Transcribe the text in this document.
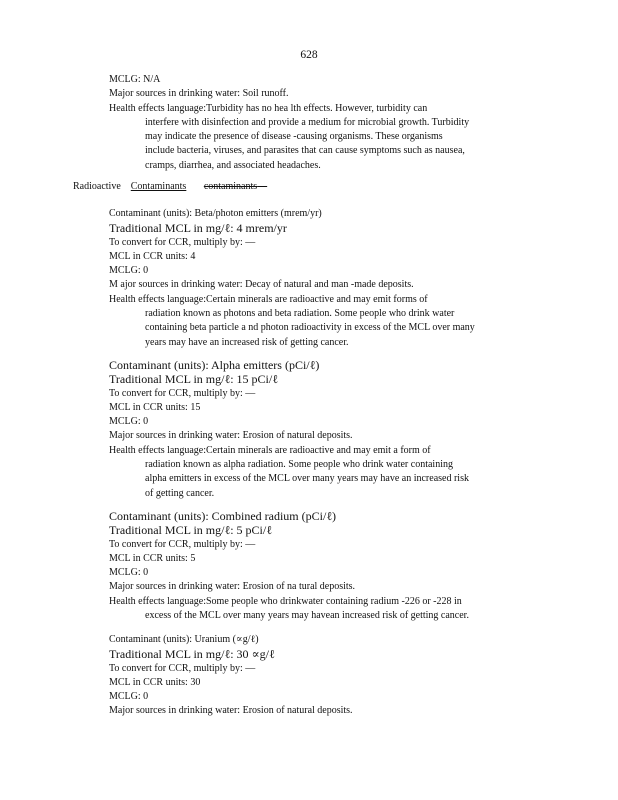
628
MCLG: N/A
Major sources in drinking water: Soil runoff.
Health effects language:Turbidity has no hea lth effects. However, turbidity can
interfere with disinfection and provide a medium for microbial growth. Turbidity
may indicate the presence of disease -causing organisms. These organisms
include bacteria, viruses, and parasites that can cause symptoms such as nausea,
cramps, diarrhea, and associated headaches.
Radioactive Contaminants contaminants
Contaminant (units): Beta/photon emitters (mrem/yr)
Traditional MCL in mg/ℓ: 4 mrem/yr
To convert for CCR, multiply by: —
MCL in CCR units: 4
MCLG: 0
M ajor sources in drinking water: Decay of natural and man -made deposits.
Health effects language:Certain minerals are radioactive and may emit forms of
radiation known as photons and beta radiation. Some people who drink water
containing beta particle a nd photon radioactivity in excess of the MCL over many
years may have an increased risk of getting cancer.
Contaminant (units): Alpha emitters (pCi/ℓ)
Traditional MCL in mg/ℓ: 15 pCi/ℓ
To convert for CCR, multiply by: —
MCL in CCR units: 15
MCLG: 0
Major sources in drinking water: Erosion of natural deposits.
Health effects language:Certain minerals are radioactive and may emit a form of
radiation known as alpha radiation. Some people who drink water containing
alpha emitters in excess of the MCL over many years may have an increased risk
of getting cancer.
Contaminant (units): Combined radium (pCi/ℓ)
Traditional MCL in mg/ℓ: 5 pCi/ℓ
To convert for CCR, multiply by: —
MCL in CCR units: 5
MCLG: 0
Major sources in drinking water: Erosion of na tural deposits.
Health effects language:Some people who drinkwater containing radium -226 or -228 in
excess of the MCL over many years may havean increased risk of getting cancer.
Contaminant (units): Uranium (∝g/ℓ)
Traditional MCL in mg/ℓ: 30 ∝g/ℓ
To convert for CCR, multiply by: —
MCL in CCR units: 30
MCLG: 0
Major sources in drinking water: Erosion of natural deposits.
